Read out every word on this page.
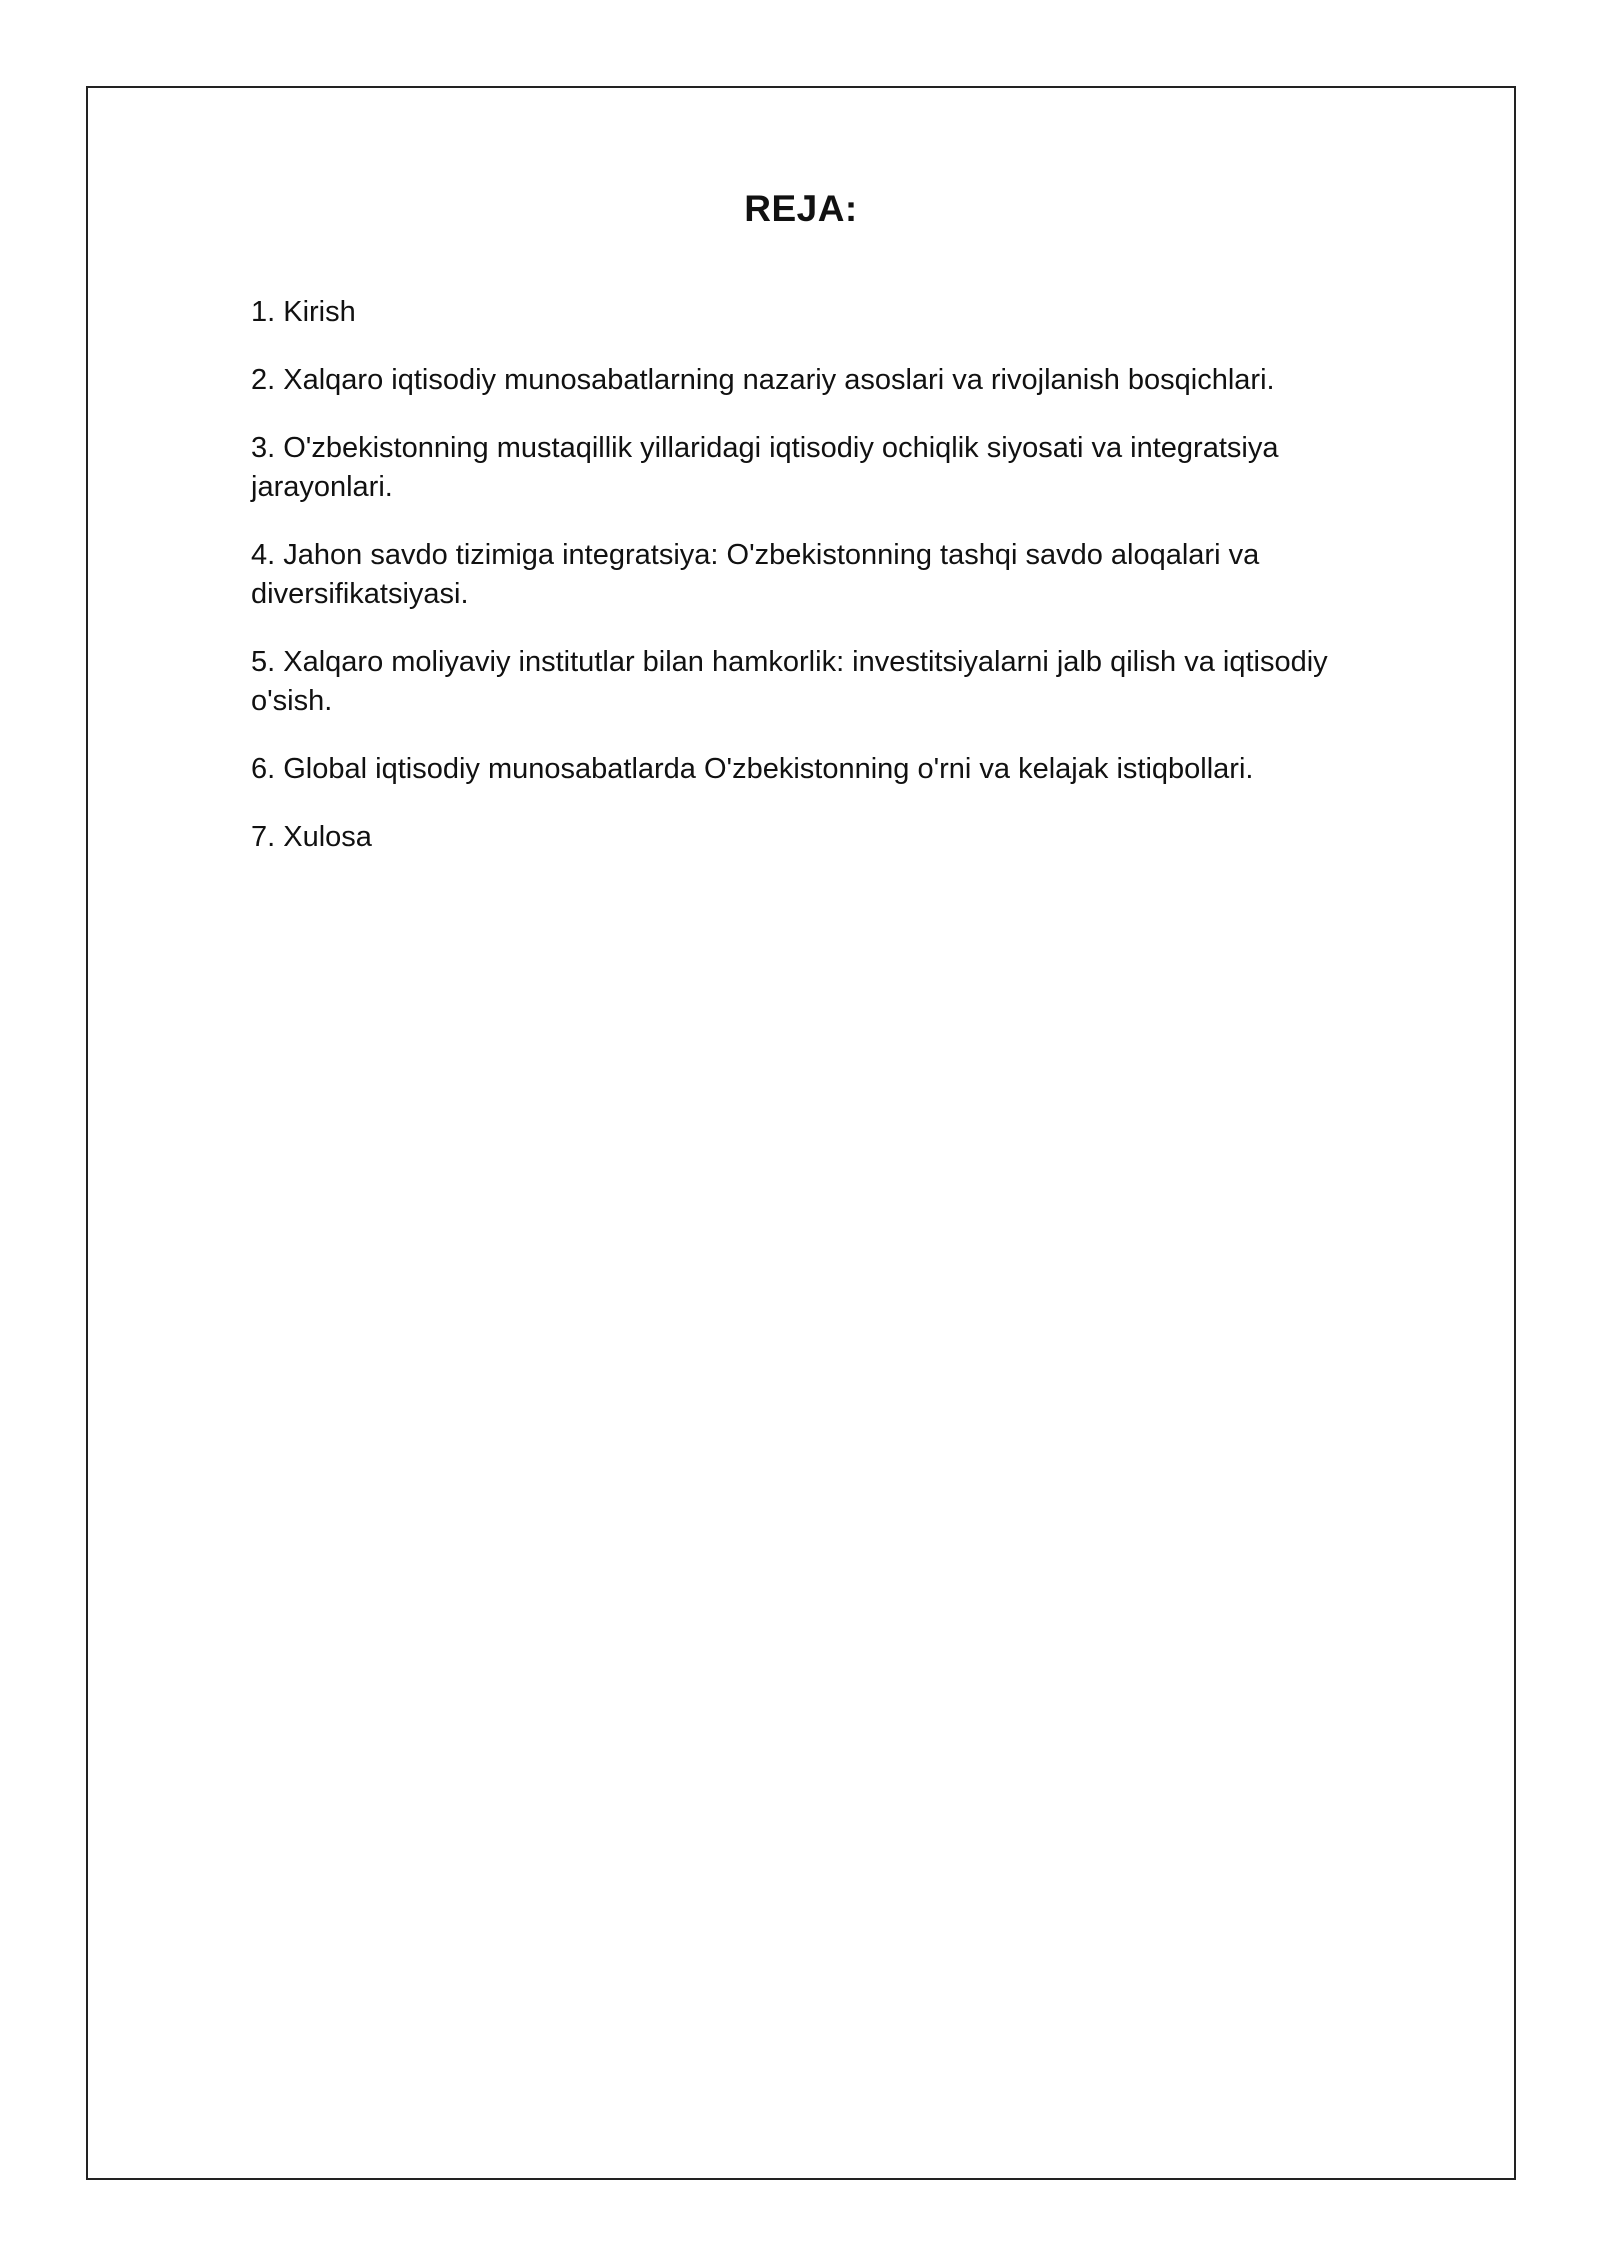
REJA:
1. Kirish
2. Xalqaro iqtisodiy munosabatlarning nazariy asoslari va rivojlanish bosqichlari.
3. O'zbekistonning mustaqillik yillaridagi iqtisodiy ochiqlik siyosati va integratsiya jarayonlari.
4. Jahon savdo tizimiga integratsiya: O'zbekistonning tashqi savdo aloqalari va diversifikatsiyasi.
5. Xalqaro moliyaviy institutlar bilan hamkorlik: investitsiyalarni jalb qilish va iqtisodiy o'sish.
6. Global iqtisodiy munosabatlarda O'zbekistonning o'rni va kelajak istiqbollari.
7. Xulosa
